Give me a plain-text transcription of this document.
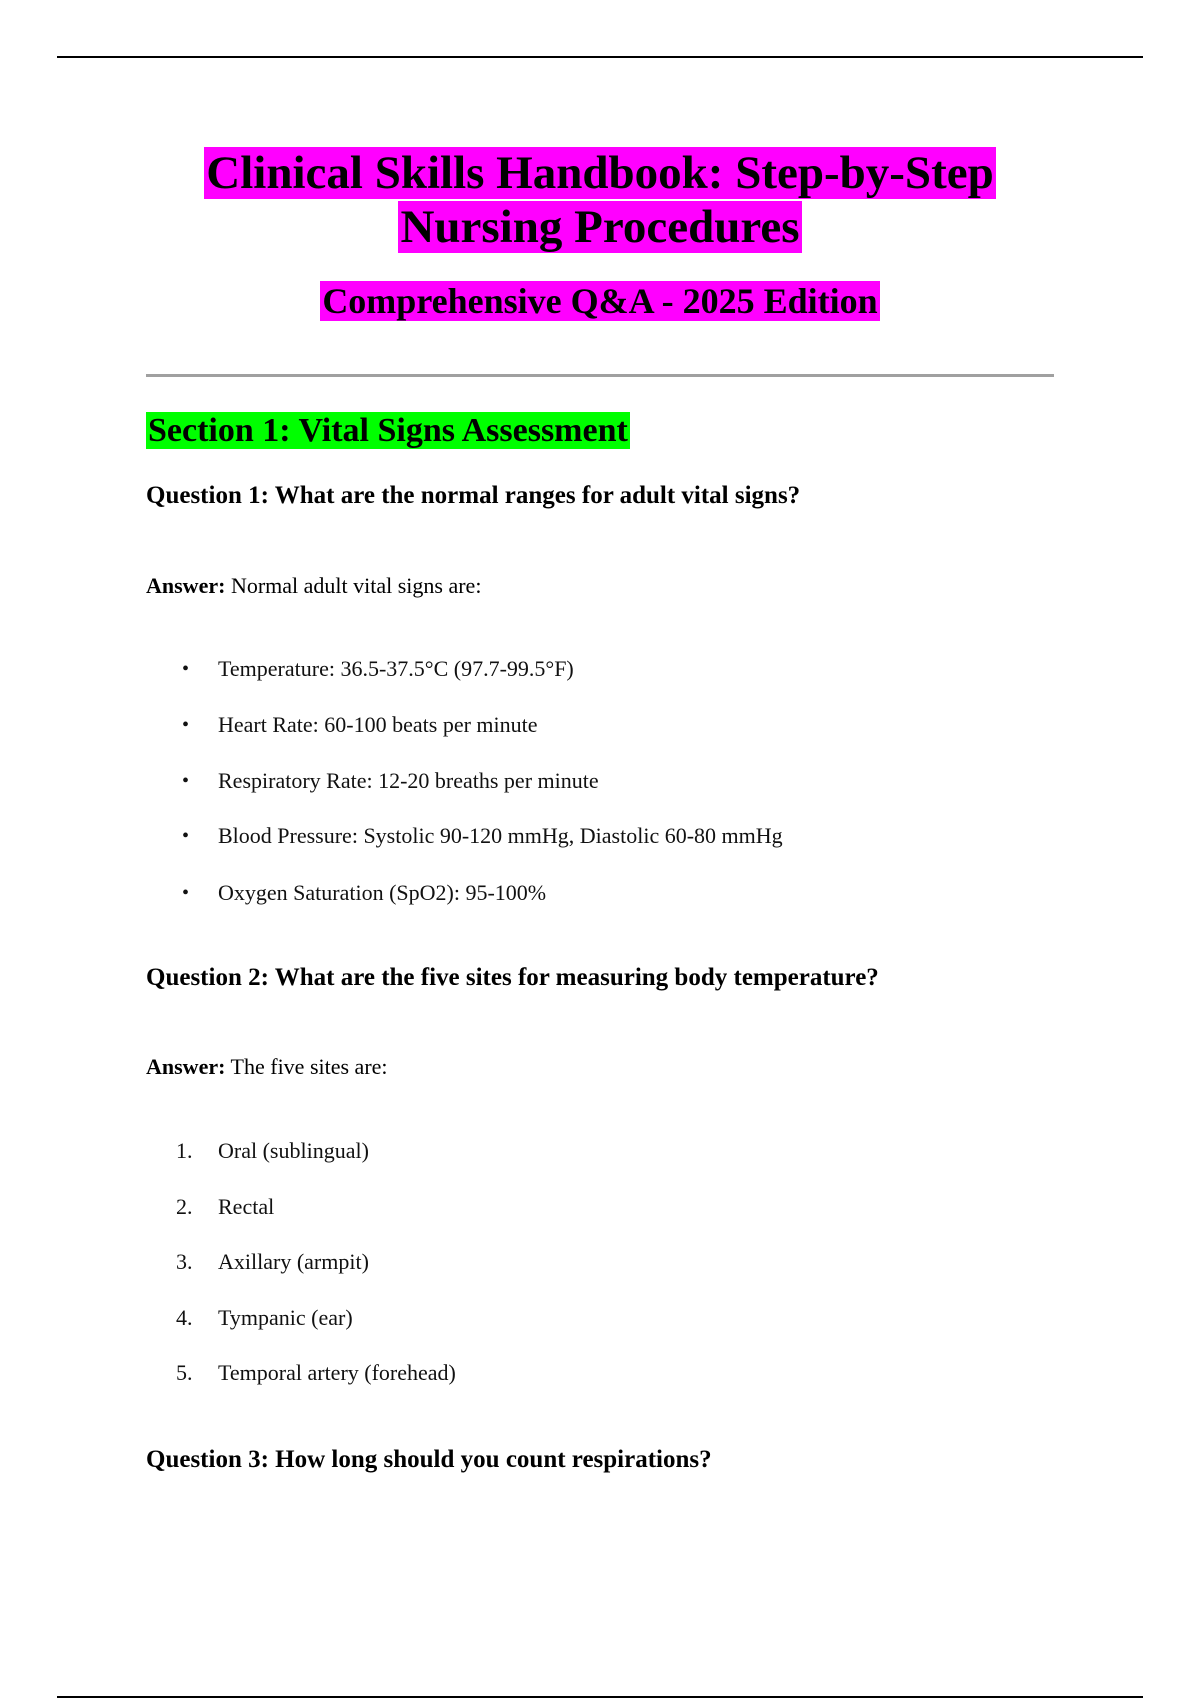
Clinical Skills Handbook: Step-by-Step
Nursing Procedures
Comprehensive Q&A - 2025 Edition
Section 1: Vital Signs Assessment

Question 1: What are the normal ranges for adult vital signs?

Answer: Normal adult vital signs are:

•	Temperature: 36.5-37.5°C (97.7-99.5°F)
•	Heart Rate: 60-100 beats per minute
•	Respiratory Rate: 12-20 breaths per minute
•	Blood Pressure: Systolic 90-120 mmHg, Diastolic 60-80 mmHg
•	Oxygen Saturation (SpO2): 95-100%

Question 2: What are the five sites for measuring body temperature?

Answer: The five sites are:

1.	Oral (sublingual)
2.	Rectal
3.	Axillary (armpit)
4.	Tympanic (ear)
5.	Temporal artery (forehead)

Question 3: How long should you count respirations?
